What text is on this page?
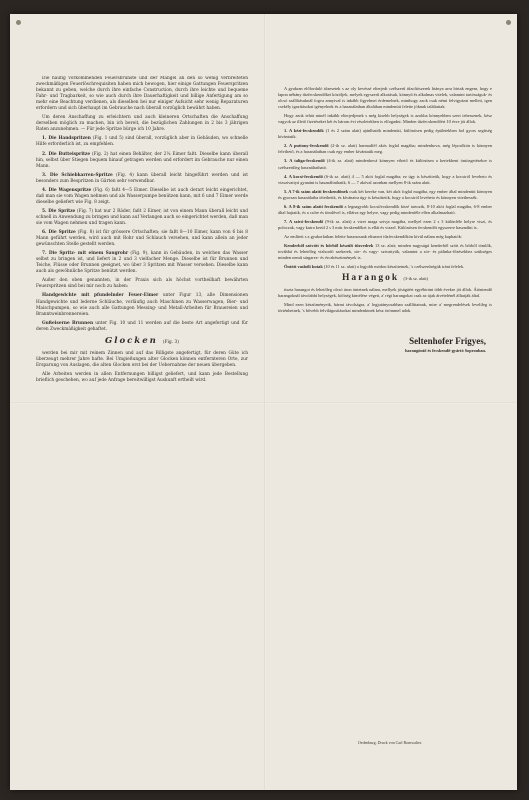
Die häufig vorkommenden Feuersbrünste und der Mangel an den so wenig verbreiteten zweckmäßigen Feuerlöschrequisiten haben mich bewogen, hier einige Gattungen Feuerspritzen bekannt zu geben, welche durch ihre einfache Construction, durch ihre leichte und bequeme Fahr- und Tragbarkeit, so wie auch durch ihre Dauerhaftigkeit und billige Anfertigung am so mehr eine Beachtung verdienen, als dieselben bei nur einiger Aufsicht sehr wenig Reparaturen erfordern und sich überhaupt im Gebrauche nach überall vorzüglich bewährt haben.

Um deren Anschaffung zu erleichtern und auch kleineren Ortschaften die Anschaffung derselben möglich zu machen, bin ich bereit, die bezüglichen Zahlungen in 2 bis 3 jährigen Raten anzunehmen. — Für jede Spritze bürge ich 10 Jahre.

1. Die Handspritzen (Fig. 1 und 5) sind überall, vorzüglich aber in Gebäuden, wo schnelle Hilfe erforderlich ist, zu empfehlen.

2. Die Butteispritze (Fig. 2) hat einen Behälter, der 2¼ Eimer faßt. Dieselbe kann überall hin, selbst über Stiegen bequem hinauf getragen werden und erfordert im Gebrauche nur einen Mann.

3. Die Schiebkarren-Spritze (Fig. 4) kann überall leicht hingeführt werden und ist besonders zum Bespritzen in Gärten sehr verwendbar.

4. Die Wagenspritze (Fig. 6) faßt 4—5 Eimer. Dieselbe ist auch derart leicht eingerichtet, daß man sie vom Wagen nehmen und als Wasserpumpe benützen kann, mit 6 und 7 Eimer werde dieselbe geliefert wie Fig. 8 zeigt.

5. Die Spritze (Fig. 7) hat nur 2 Räder, faßt 2 Eimer, ist von einem Mann überall leicht und schnell in Anwendung zu bringen und kann auf Verlangen auch so eingerichtet werden, daß man sie vom Wagen nehmen und tragen kann.

6. Die Spritze (Fig. 8) ist für grössere Ortschaften; sie faßt 8—10 Eimer, kann von 6 bis 8 Mann geführt werden, wird auch mit Rohr und Schlauch versehen, und kann allein an jeder gewünschten Stelle gestellt werden.

7. Die Spritz- mit einem Saugrohr (Fig. 9), kann in Gebäuden, in welchen das Wasser selbst zu bringen ist, und liefert in 2 und 3 vielfacher Menge. Dieselbe ist für Brunnen und Teiche, Flüsse oder Brunnen geeignet, wo über 3 Spritzen mit Wasser versehen. Dieselbe kann auch als gewöhnliche Spritze benützt werden.

Außer den oben genannten, in der Praxis sich als höchst vortheilhaft bewährten Feuerspritzen sind bei mir noch zu haben:

Handgewichte mit pfundelnder Feuer-Eimer unter Figur 13, alle Dimensionen Handgewichte und lederne Schläuche, vorläufig auch Maschinen zu Wasserwagen, Bier- und Maischpumpen, so wie auch alle Gattungen Messing- und Metall-Arbeiten für Brauereien und Branntweinbrennereien.

Gußeiserne Brunnen unter Fig. 10 und 11 werden auf die beste Art angefertigt und für deren Zweckmäßigkeit gehaftet.

Glocken (Fig. 3)

werden bei mir mit reinem Zinnen und auf das Billigste angefertigt, für deren Güte ich überzeugt mehrer Jahre hafte. Bei Umgießungen alter Glocken können entfernteren Orte, zur Ersparung von Auslagen, die alten Glocken erst bei der Uebernahme der neuen übergeben.

Alle Arbeiten werden in allen Entfernungen billigst geliefert, und kann jede Bestellung brieflich geschehen, wo auf jede Anfrage bereitwilligst Auskunft ertheilt wird.

A gyakran előforduló tűzesetek s az oly kevéssé elterjedt czélszerű tűzoltószerek hiánya arra birtak engem, hogy e lapon néhány tűzfecskendőket közöljek, melyek egyszerű alkotásuk, könnyű és alkalmas vitelek, valamint tartósságuk- és olcsó szállításuknál fogva annyival is inkább figyelmet érdemelnek, minthogy azok csak némi felvigyázat mellett, igen csekély igazításokat igényelnek és a használatban általában mindenütt felette jóknak találtattak.

Hogy azok tehát minél inkább elterjedjenek s még kisebb helységek is azokba könnyebben szert tehessenek, kész vagyok az illető fizetéseket két és három évi részletekben is elfogadni. Minden tűzfecskendőért 10 évre jót állok.

1. A kézi-fecskendők (1 és 2 szám alatt) ajánlhatók mindenütt, különösen pedig épületekben hol gyors segítség kívántatik.

2. A puttony-fecskendő (2-ik sz. alatt) harmadfél akós foglal magába; mindenhova, még lépcsőkön is könnyen felvihető, és a használatban csak egy ember kívántatik meg.

3. A taliga-fecskendő (4-ik sz. alatt) mindenhová könnyen vihető és különösen a kertekbeni öntözgetésekre is czélszerűleg használtatható.

4. A kocsi-fecskendő (6-ik sz. alatt) 4 — 5 akót foglal magába; ez úgy is készíttetik, hogy a kocsiról leveheto és vizszivattyú gyanánt is használtathatik, 6 — 7 akóval azonban mellyen 8-ik szám alatt.

5. A 7-ik szám alatti fecskendőnek csak két kereke van, két akót foglal magába, egy ember által mindenütt könnyen és gyorsan használatba tétethetik, és kívánatra úgy is készíttetik, hogy a kocsiról leveheto és könnyen vitethessék.

6. A 8-ik szám alatti fecskendő a legnagyobb kocsifecskendők közé tartozik, 8-10 akót foglal magába, 6-8 ember által hajtatik, és a csőre és tömlővel is, ellátva egy helyre, vagy pedig mindenféle ellen alkalmazható.

7. A szívó-fecskendő (9-ik sz. alatt) a vizet maga szivja magába, mellyel ezen 2 s 3 különféle helyre viszi, és poloczak, vagy kutra kerül 2 s 3 más fecskendőket is ellát és vizzel. Különösen fecskendőt egyszerre használni is.

Az említett s a gyakorlatban felette hasznosnak elismert tűzfecskendőkön kívül nálam még kaphatók:

Kenderből szövött és bőrből készült tűzvedrek 13 sz. alatt; minden nagyságú kenderből szött és bőrből tömlők, továbbá és lehetőleg vizhordó szekerek, sör- és vagy- szivattyúk, valamint a sör- és pálinka-főzésekhez szükséges minden nemű sárgarez- és érczkészitmények is.

Öntött vasbóli kutak (10 és 11 sz. alatt) a legjobb módon készíttetnek, 's czélszerűségük iránt felelek.

Harangok (3-ik sz. alatt)

tiszta harangot és lehetőleg olcsó áron öntetnek nálam, mellyek jóságáért egyébiránt több évekre jót állok. Átöntendő harangoknál távolabbi helységek, költség kimélése végett, a' régi harangokat csak az újak átvételénél álltatják által.

Mind ezen készítményeik, bármi távolságra, a' legjutányosabban szállíttatnak, mire a' megrendelések levelileg is történhetnek, 's bővebb felvilágosításokat mindenkinek kész örömmel adok.

Seltenhofer Frigyes,
harangöntő és fecskendő-gyártó Sopronban.
Oedenburg, Druck von Carl Romwalter.
